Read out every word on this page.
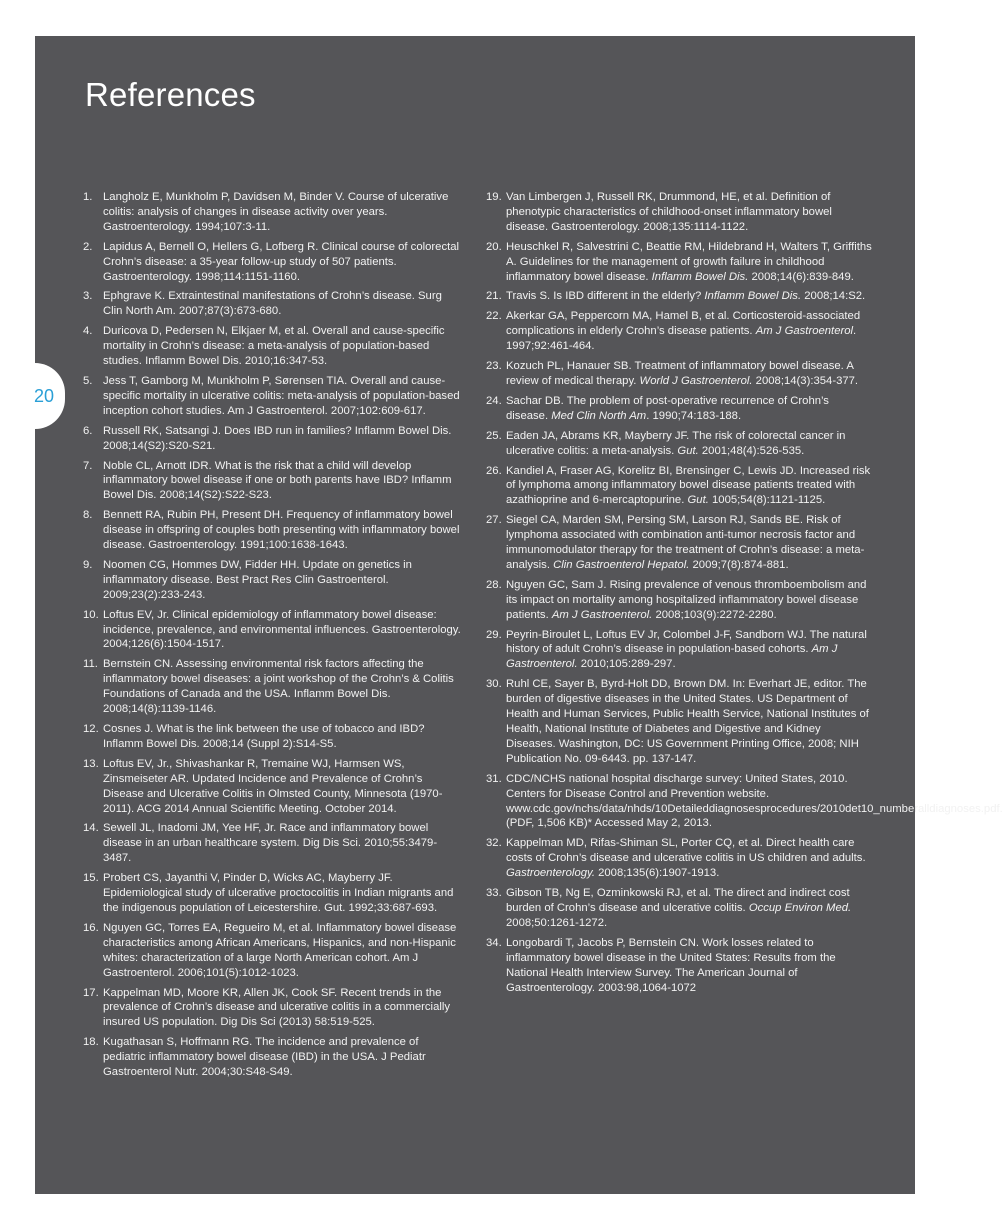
References
20
1. Langholz E, Munkholm P, Davidsen M, Binder V. Course of ulcerative colitis: analysis of changes in disease activity over years. Gastroenterology. 1994;107:3-11.
2. Lapidus A, Bernell O, Hellers G, Lofberg R. Clinical course of colorectal Crohn’s disease: a 35-year follow-up study of 507 patients. Gastroenterology. 1998;114:1151-1160.
3. Ephgrave K. Extraintestinal manifestations of Crohn’s disease. Surg Clin North Am. 2007;87(3):673-680.
4. Duricova D, Pedersen N, Elkjaer M, et al. Overall and cause-specific mortality in Crohn’s disease: a meta-analysis of population-based studies. Inflamm Bowel Dis. 2010;16:347-53.
5. Jess T, Gamborg M, Munkholm P, Sørensen TIA. Overall and cause-specific mortality in ulcerative colitis: meta-analysis of population-based inception cohort studies. Am J Gastroenterol. 2007;102:609-617.
6. Russell RK, Satsangi J. Does IBD run in families? Inflamm Bowel Dis. 2008;14(S2):S20-S21.
7. Noble CL, Arnott IDR. What is the risk that a child will develop inflammatory bowel disease if one or both parents have IBD? Inflamm Bowel Dis. 2008;14(S2):S22-S23.
8. Bennett RA, Rubin PH, Present DH. Frequency of inflammatory bowel disease in offspring of couples both presenting with inflammatory bowel disease. Gastroenterology. 1991;100:1638-1643.
9. Noomen CG, Hommes DW, Fidder HH. Update on genetics in inflammatory disease. Best Pract Res Clin Gastroenterol. 2009;23(2):233-243.
10. Loftus EV, Jr. Clinical epidemiology of inflammatory bowel disease: incidence, prevalence, and environmental influences. Gastroenterology. 2004;126(6):1504-1517.
11. Bernstein CN. Assessing environmental risk factors affecting the inflammatory bowel diseases: a joint workshop of the Crohn’s & Colitis Foundations of Canada and the USA. Inflamm Bowel Dis. 2008;14(8):1139-1146.
12. Cosnes J. What is the link between the use of tobacco and IBD? Inflamm Bowel Dis. 2008;14 (Suppl 2):S14-S5.
13. Loftus EV, Jr., Shivashankar R, Tremaine WJ, Harmsen WS, Zinsmeiseter AR. Updated Incidence and Prevalence of Crohn’s Disease and Ulcerative Colitis in Olmsted County, Minnesota (1970-2011). ACG 2014 Annual Scientific Meeting. October 2014.
14. Sewell JL, Inadomi JM, Yee HF, Jr. Race and inflammatory bowel disease in an urban healthcare system. Dig Dis Sci. 2010;55:3479-3487.
15. Probert CS, Jayanthi V, Pinder D, Wicks AC, Mayberry JF. Epidemiological study of ulcerative proctocolitis in Indian migrants and the indigenous population of Leicestershire. Gut. 1992;33:687-693.
16. Nguyen GC, Torres EA, Regueiro M, et al. Inflammatory bowel disease characteristics among African Americans, Hispanics, and non-Hispanic whites: characterization of a large North American cohort. Am J Gastroenterol. 2006;101(5):1012-1023.
17. Kappelman MD, Moore KR, Allen JK, Cook SF. Recent trends in the prevalence of Crohn’s disease and ulcerative colitis in a commercially insured US population. Dig Dis Sci (2013) 58:519-525.
18. Kugathasan S, Hoffmann RG. The incidence and prevalence of pediatric inflammatory bowel disease (IBD) in the USA. J Pediatr Gastroenterol Nutr. 2004;30:S48-S49.
19. Van Limbergen J, Russell RK, Drummond, HE, et al. Definition of phenotypic characteristics of childhood-onset inflammatory bowel disease. Gastroenterology. 2008;135:1114-1122.
20. Heuschkel R, Salvestrini C, Beattie RM, Hildebrand H, Walters T, Griffiths A. Guidelines for the management of growth failure in childhood inflammatory bowel disease. Inflamm Bowel Dis. 2008;14(6):839-849.
21. Travis S. Is IBD different in the elderly? Inflamm Bowel Dis. 2008;14:S2.
22. Akerkar GA, Peppercorn MA, Hamel B, et al. Corticosteroid-associated complications in elderly Crohn’s disease patients. Am J Gastroenterol. 1997;92:461-464.
23. Kozuch PL, Hanauer SB. Treatment of inflammatory bowel disease. A review of medical therapy. World J Gastroenterol. 2008;14(3):354-377.
24. Sachar DB. The problem of post-operative recurrence of Crohn’s disease. Med Clin North Am. 1990;74:183-188.
25. Eaden JA, Abrams KR, Mayberry JF. The risk of colorectal cancer in ulcerative colitis: a meta-analysis. Gut. 2001;48(4):526-535.
26. Kandiel A, Fraser AG, Korelitz BI, Brensinger C, Lewis JD. Increased risk of lymphoma among inflammatory bowel disease patients treated with azathioprine and 6-mercaptopurine. Gut. 1005;54(8):1121-1125.
27. Siegel CA, Marden SM, Persing SM, Larson RJ, Sands BE. Risk of lymphoma associated with combination anti-tumor necrosis factor and immunomodulator therapy for the treatment of Crohn’s disease: a meta-analysis. Clin Gastroenterol Hepatol. 2009;7(8):874-881.
28. Nguyen GC, Sam J. Rising prevalence of venous thromboembolism and its impact on mortality among hospitalized inflammatory bowel disease patients. Am J Gastroenterol. 2008;103(9):2272-2280.
29. Peyrin-Biroulet L, Loftus EV Jr, Colombel J-F, Sandborn WJ. The natural history of adult Crohn’s disease in population-based cohorts. Am J Gastroenterol. 2010;105:289-297.
30. Ruhl CE, Sayer B, Byrd-Holt DD, Brown DM. In: Everhart JE, editor. The burden of digestive diseases in the United States. US Department of Health and Human Services, Public Health Service, National Institutes of Health, National Institute of Diabetes and Digestive and Kidney Diseases. Washington, DC: US Government Printing Office, 2008; NIH Publication No. 09-6443. pp. 137-147.
31. CDC/NCHS national hospital discharge survey: United States, 2010. Centers for Disease Control and Prevention website. www.cdc.gov/nchs/data/nhds/10Detaileddiagnosesprocedures/2010det10_numberalldiagnoses.pdf. (PDF, 1,506 KB)* Accessed May 2, 2013.
32. Kappelman MD, Rifas-Shiman SL, Porter CQ, et al. Direct health care costs of Crohn’s disease and ulcerative colitis in US children and adults. Gastroenterology. 2008;135(6):1907-1913.
33. Gibson TB, Ng E, Ozminkowski RJ, et al. The direct and indirect cost burden of Crohn’s disease and ulcerative colitis. Occup Environ Med. 2008;50:1261-1272.
34. Longobardi T, Jacobs P, Bernstein CN. Work losses related to inflammatory bowel disease in the United States: Results from the National Health Interview Survey. The American Journal of Gastroenterology. 2003:98,1064-1072
